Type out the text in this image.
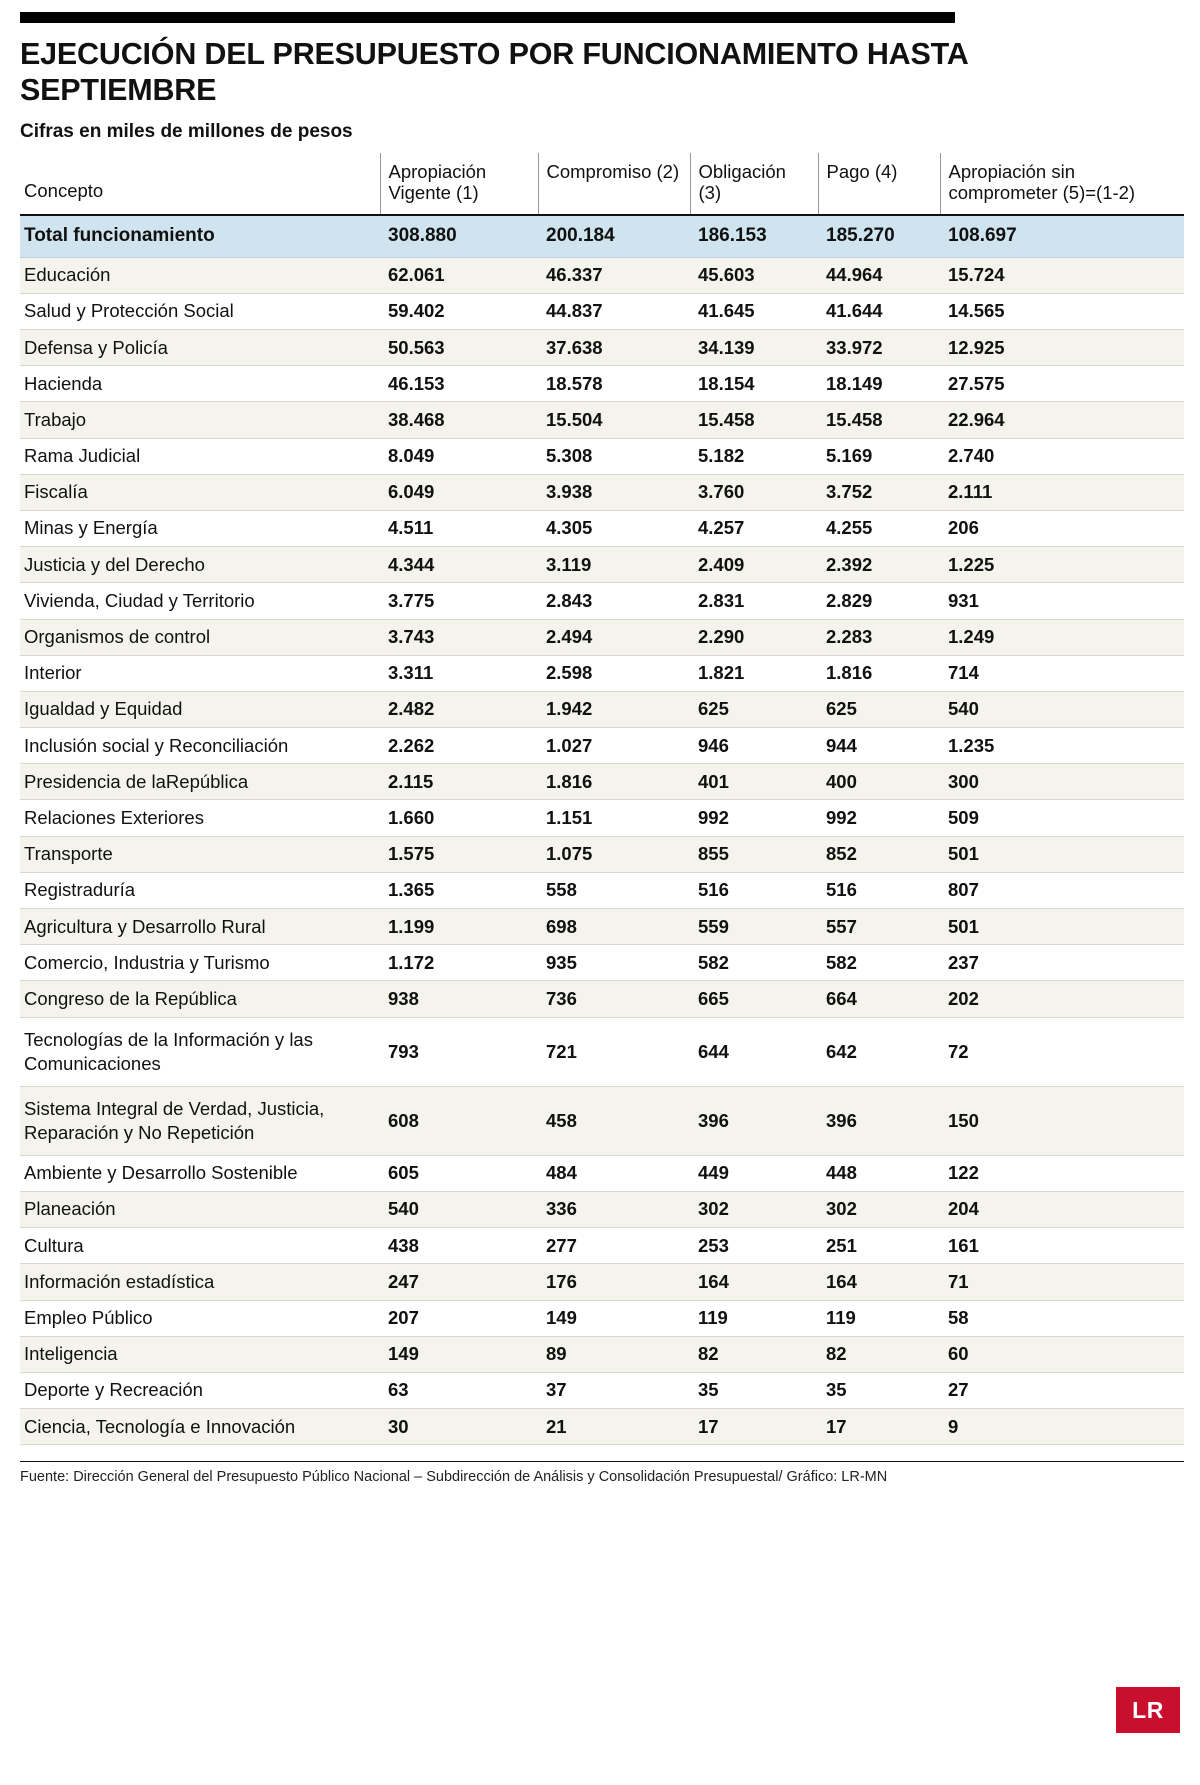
EJECUCIÓN DEL PRESUPUESTO POR FUNCIONAMIENTO HASTA SEPTIEMBRE
Cifras en miles de millones de pesos
Concepto	Apropiación Vigente (1)	Compromiso (2)	Obligación (3)	Pago (4)	Apropiación sin comprometer (5)=(1-2)
Total funcionamiento	308.880	200.184	186.153	185.270	108.697
Educación	62.061	46.337	45.603	44.964	15.724
Salud y Protección Social	59.402	44.837	41.645	41.644	14.565
Defensa y Policía	50.563	37.638	34.139	33.972	12.925
Hacienda	46.153	18.578	18.154	18.149	27.575
Trabajo	38.468	15.504	15.458	15.458	22.964
Rama Judicial	8.049	5.308	5.182	5.169	2.740
Fiscalía	6.049	3.938	3.760	3.752	2.111
Minas y Energía	4.511	4.305	4.257	4.255	206
Justicia y del Derecho	4.344	3.119	2.409	2.392	1.225
Vivienda, Ciudad y Territorio	3.775	2.843	2.831	2.829	931
Organismos de control	3.743	2.494	2.290	2.283	1.249
Interior	3.311	2.598	1.821	1.816	714
Igualdad y Equidad	2.482	1.942	625	625	540
Inclusión social y Reconciliación	2.262	1.027	946	944	1.235
Presidencia de laRepública	2.115	1.816	401	400	300
Relaciones Exteriores	1.660	1.151	992	992	509
Transporte	1.575	1.075	855	852	501
Registraduría	1.365	558	516	516	807
Agricultura y Desarrollo Rural	1.199	698	559	557	501
Comercio, Industria y Turismo	1.172	935	582	582	237
Congreso de la República	938	736	665	664	202
Tecnologías de la Información y las Comunicaciones	793	721	644	642	72
Sistema Integral de Verdad, Justicia, Reparación y No Repetición	608	458	396	396	150
Ambiente y Desarrollo Sostenible	605	484	449	448	122
Planeación	540	336	302	302	204
Cultura	438	277	253	251	161
Información estadística	247	176	164	164	71
Empleo Público	207	149	119	119	58
Inteligencia	149	89	82	82	60
Deporte y Recreación	63	37	35	35	27
Ciencia, Tecnología e Innovación	30	21	17	17	9
Fuente: Dirección General del Presupuesto Público Nacional – Subdirección de Análisis y Consolidación Presupuestal/ Gráfico: LR-MN
LR
